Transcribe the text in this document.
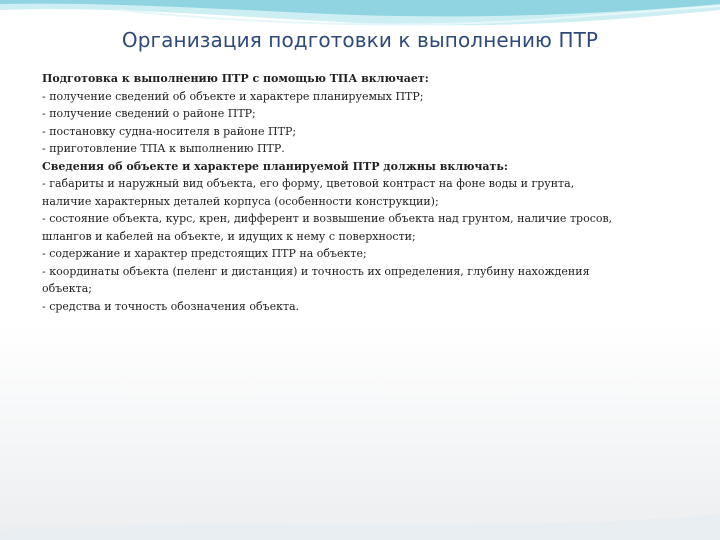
Организация подготовки к выполнению ПТР
Подготовка к выполнению ПТР с помощью ТПА включает:
- получение сведений об объекте и характере планируемых ПТР;
- получение сведений о районе ПТР;
- постановку судна-носителя в районе ПТР;
- приготовление ТПА к выполнению ПТР.
Сведения об объекте и характере планируемой ПТР должны включать:
- габариты и наружный вид объекта, его форму, цветовой контраст на фоне воды и грунта,
наличие характерных деталей корпуса (особенности конструкции);
- состояние объекта, курс, крен, дифферент и возвышение объекта над грунтом, наличие тросов,
шлангов и кабелей на объекте, и идущих к нему с поверхности;
- содержание и характер предстоящих ПТР на объекте;
- координаты объекта (пеленг и дистанция) и точность их определения, глубину нахождения
объекта;
- средства и точность обозначения объекта.
